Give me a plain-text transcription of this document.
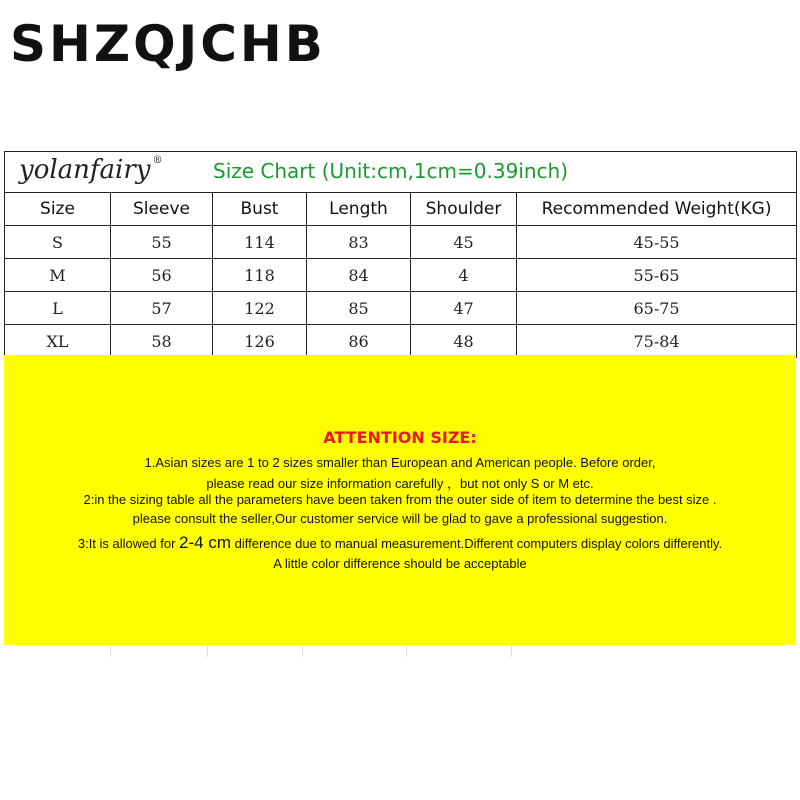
SHZQJCHB
yolanfairy ® Size Chart (Unit:cm,1cm=0.39inch)					

Size	Sleeve	Bust	Length	Shoulder	Recommended Weight(KG)
S	55	114	83	45	45-55
M	56	118	84	4	55-65
L	57	122	85	47	65-75
XL	58	126	86	48	75-84
ATTENTION SIZE:
1.Asian sizes are 1 to 2 sizes smaller than European and American people. Before order,
please read our size information carefully ，but not only S or M etc.
2:in the sizing table all the parameters have been taken from the outer side of item to determine the best size .
please consult the seller,Our customer service will be glad to gave a professional suggestion.
3:It is allowed for 2-4 cm difference due to manual measurement.Different computers display colors differently.
A little color difference should be acceptable
